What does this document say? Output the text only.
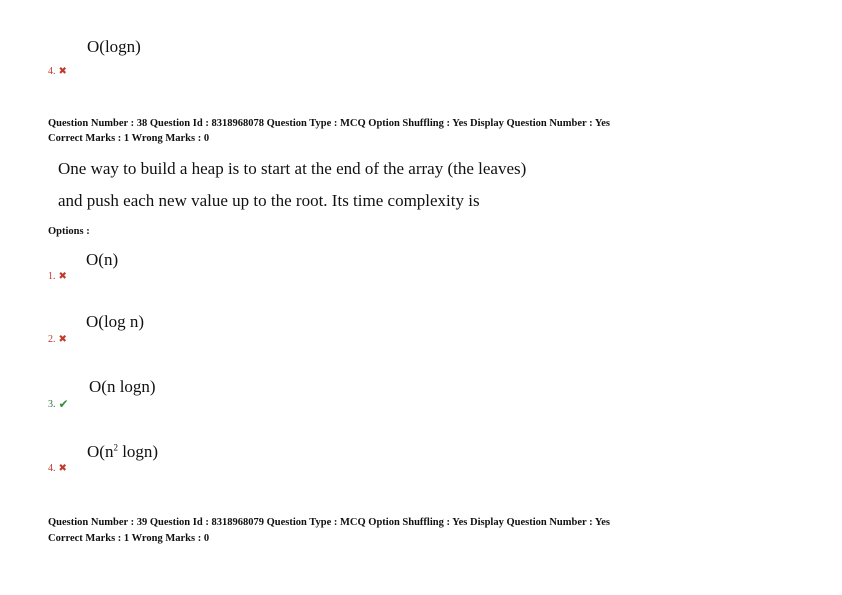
O(logn)
4. ✖
Question Number : 38 Question Id : 8318968078 Question Type : MCQ Option Shuffling : Yes Display Question Number : Yes
Correct Marks : 1 Wrong Marks : 0
One way to build a heap is to start at the end of the array (the leaves)
and push each new value up to the root. Its time complexity is
Options :
O(n)
1. ✖
O(log n)
2. ✖
O(n logn)
3. ✔
$O(n^2$ logn)
4. ✖
Question Number : 39 Question Id : 8318968079 Question Type : MCQ Option Shuffling : Yes Display Question Number : Yes
Correct Marks : 1 Wrong Marks : 0
